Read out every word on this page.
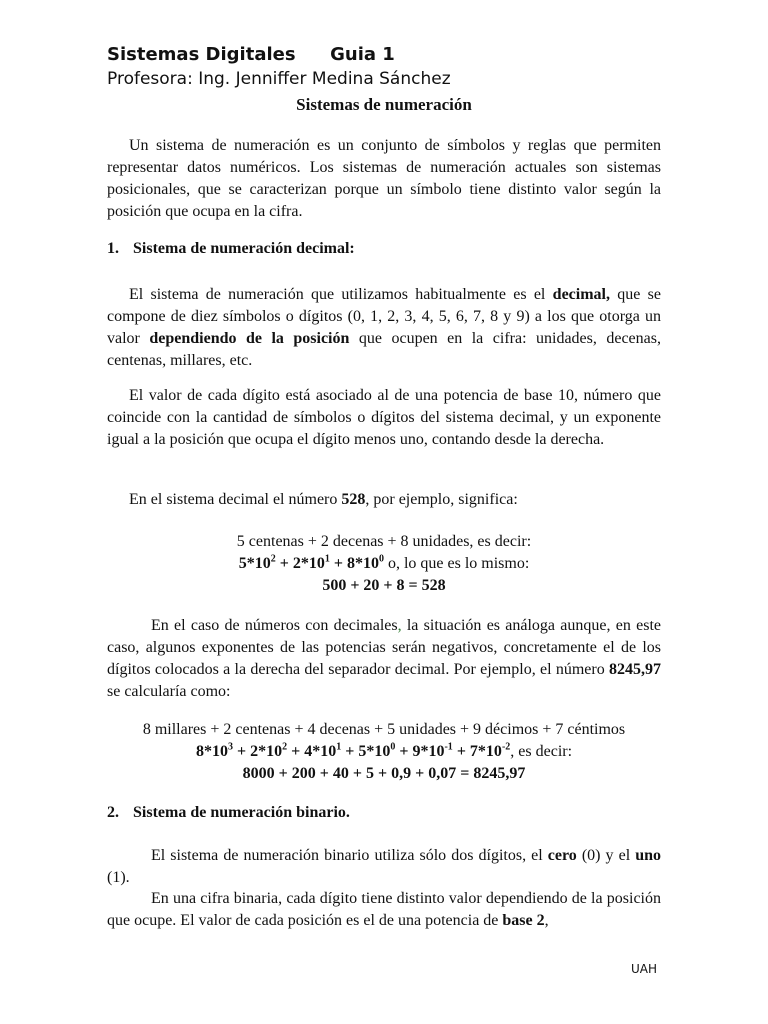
Sistemas Digitales Guia 1
Profesora: Ing. Jenniffer Medina Sánchez
Sistemas de numeración
Un sistema de numeración es un conjunto de símbolos y reglas que permiten representar datos numéricos. Los sistemas de numeración actuales son sistemas posicionales, que se caracterizan porque un símbolo tiene distinto valor según la posición que ocupa en la cifra.
1. Sistema de numeración decimal:
El sistema de numeración que utilizamos habitualmente es el decimal, que se compone de diez símbolos o dígitos (0, 1, 2, 3, 4, 5, 6, 7, 8 y 9) a los que otorga un valor dependiendo de la posición que ocupen en la cifra: unidades, decenas, centenas, millares, etc.
El valor de cada dígito está asociado al de una potencia de base 10, número que coincide con la cantidad de símbolos o dígitos del sistema decimal, y un exponente igual a la posición que ocupa el dígito menos uno, contando desde la derecha.
En el sistema decimal el número 528, por ejemplo, significa:
5 centenas + 2 decenas + 8 unidades, es decir:
$5*10^2 + 2*10^1 + 8*10^0$ o, lo que es lo mismo:
500 + 20 + 8 = 528
En el caso de números con decimales, la situación es análoga aunque, en este caso, algunos exponentes de las potencias serán negativos, concretamente el de los dígitos colocados a la derecha del separador decimal. Por ejemplo, el número 8245,97 se calcularía como:
8 millares + 2 centenas + 4 decenas + 5 unidades + 9 décimos + 7 céntimos
$8*10^3 + 2*10^2 + 4*10^1 + 5*10^0 + 9*10^{-1} + 7*10^{-2}$, es decir:
8000 + 200 + 40 + 5 + 0,9 + 0,07 = 8245,97
2. Sistema de numeración binario.
El sistema de numeración binario utiliza sólo dos dígitos, el cero (0) y el uno (1).
En una cifra binaria, cada dígito tiene distinto valor dependiendo de la posición que ocupe. El valor de cada posición es el de una potencia de base 2,
UAH
